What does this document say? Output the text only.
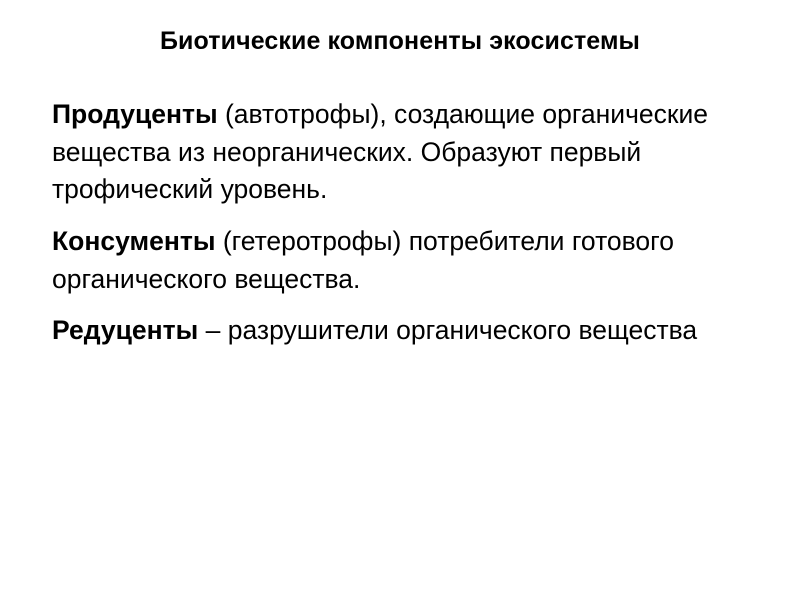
Биотические компоненты экосистемы

Продуценты (автотрофы), создающие органические вещества из неорганических. Образуют первый трофический уровень.

Консументы (гетеротрофы) потребители готового органического вещества.

Редуценты – разрушители органического вещества
